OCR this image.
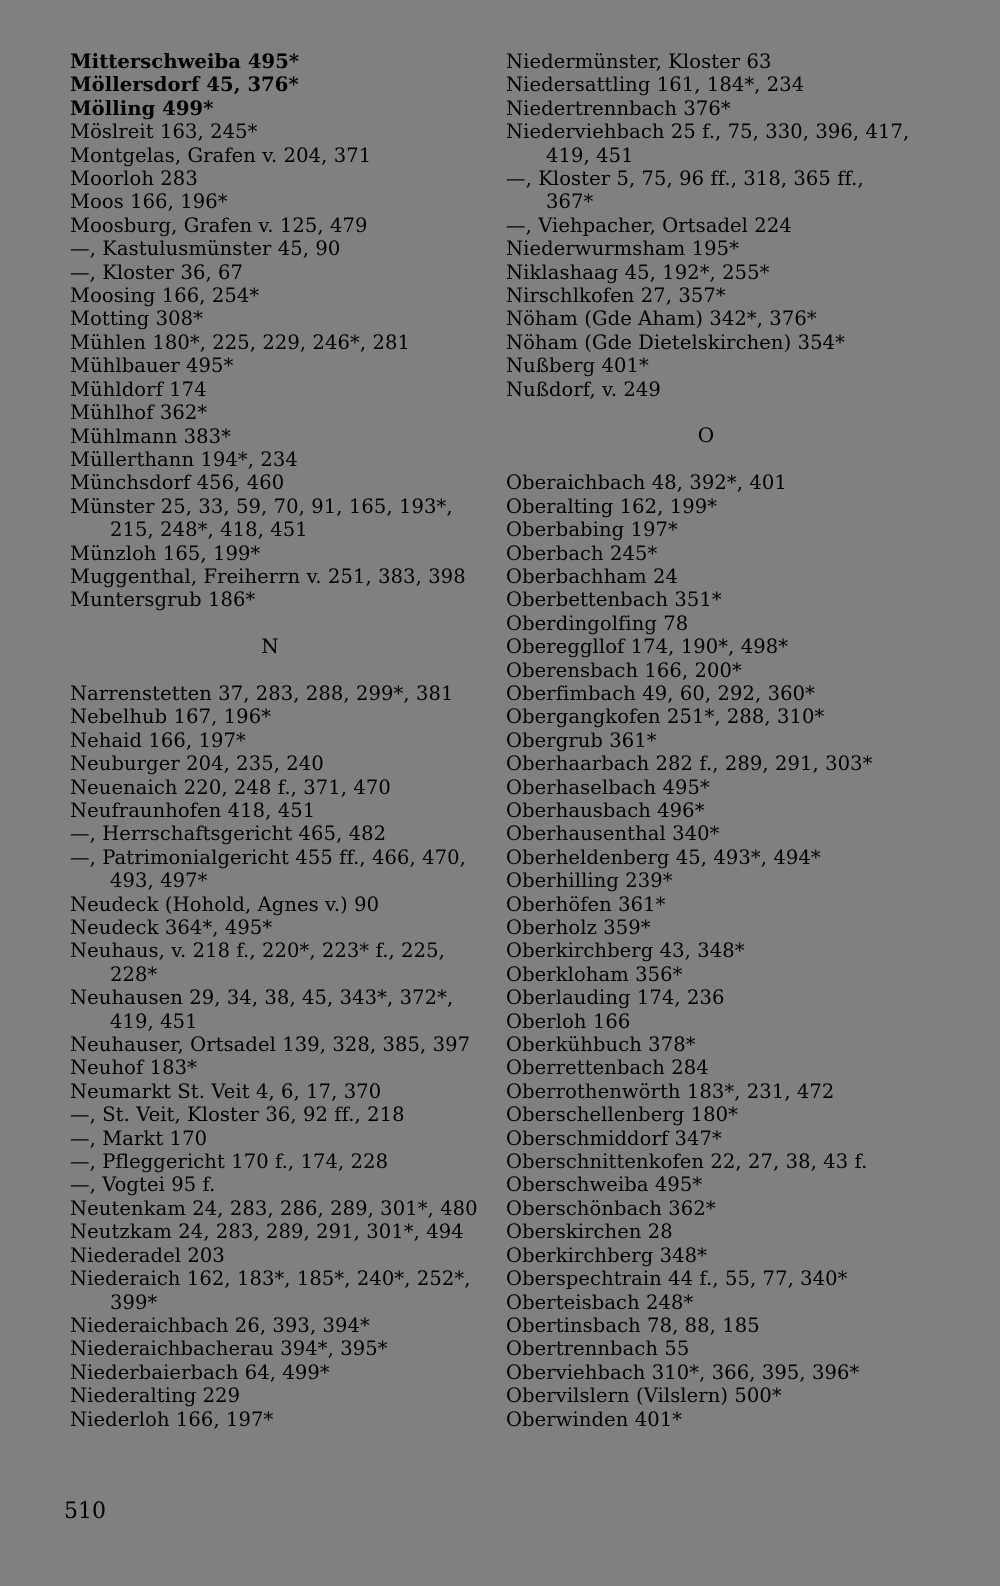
Mitterschweiba 495*
Möllersdorf 45, 376*
Mölling 499*
Möslreit 163, 245*
Montgelas, Grafen v. 204, 371
Moorloh 283
Moos 166, 196*
Moosburg, Grafen v. 125, 479
—, Kastulusmünster 45, 90
—, Kloster 36, 67
Moosing 166, 254*
Motting 308*
Mühlen 180*, 225, 229, 246*, 281
Mühlbauer 495*
Mühldorf 174
Mühlhof 362*
Mühlmann 383*
Müllerthann 194*, 234
Münchsdorf 456, 460
Münster 25, 33, 59, 70, 91, 165, 193*,
215, 248*, 418, 451
Münzloh 165, 199*
Muggenthal, Freiherrn v. 251, 383, 398
Muntersgrub 186*
N
Narrenstetten 37, 283, 288, 299*, 381
Nebelhub 167, 196*
Nehaid 166, 197*
Neuburger 204, 235, 240
Neuenaich 220, 248 f., 371, 470
Neufraunhofen 418, 451
—, Herrschaftsgericht 465, 482
—, Patrimonialgericht 455 ff., 466, 470,
493, 497*
Neudeck (Hohold, Agnes v.) 90
Neudeck 364*, 495*
Neuhaus, v. 218 f., 220*, 223* f., 225,
228*
Neuhausen 29, 34, 38, 45, 343*, 372*,
419, 451
Neuhauser, Ortsadel 139, 328, 385, 397
Neuhof 183*
Neumarkt St. Veit 4, 6, 17, 370
—, St. Veit, Kloster 36, 92 ff., 218
—, Markt 170
—, Pfleggericht 170 f., 174, 228
—, Vogtei 95 f.
Neutenkam 24, 283, 286, 289, 301*, 480
Neutzkam 24, 283, 289, 291, 301*, 494
Niederadel 203
Niederaich 162, 183*, 185*, 240*, 252*,
399*
Niederaichbach 26, 393, 394*
Niederaichbacherau 394*, 395*
Niederbaierbach 64, 499*
Niederalting 229
Niederloh 166, 197*
Niedermünster, Kloster 63
Niedersattling 161, 184*, 234
Niedertrennbach 376*
Niederviehbach 25 f., 75, 330, 396, 417,
419, 451
—, Kloster 5, 75, 96 ff., 318, 365 ff.,
367*
—, Viehpacher, Ortsadel 224
Niederwurmsham 195*
Niklashaag 45, 192*, 255*
Nirschlkofen 27, 357*
Nöham (Gde Aham) 342*, 376*
Nöham (Gde Dietelskirchen) 354*
Nußberg 401*
Nußdorf, v. 249
O
Oberaichbach 48, 392*, 401
Oberalting 162, 199*
Oberbabing 197*
Oberbach 245*
Oberbachham 24
Oberbettenbach 351*
Oberdingolfing 78
Obereggllof 174, 190*, 498*
Oberensbach 166, 200*
Oberfimbach 49, 60, 292, 360*
Obergangkofen 251*, 288, 310*
Obergrub 361*
Oberhaarbach 282 f., 289, 291, 303*
Oberhaselbach 495*
Oberhausbach 496*
Oberhausenthal 340*
Oberheldenberg 45, 493*, 494*
Oberhilling 239*
Oberhöfen 361*
Oberholz 359*
Oberkirchberg 43, 348*
Oberkloham 356*
Oberlauding 174, 236
Oberloh 166
Oberkühbuch 378*
Oberrettenbach 284
Oberrothenwörth 183*, 231, 472
Oberschellenberg 180*
Oberschmiddorf 347*
Oberschnittenkofen 22, 27, 38, 43 f.
Oberschweiba 495*
Oberschönbach 362*
Oberskirchen 28
Oberkirchberg 348*
Oberspechtrain 44 f., 55, 77, 340*
Oberteisbach 248*
Obertinsbach 78, 88, 185
Obertrennbach 55
Oberviehbach 310*, 366, 395, 396*
Obervilslern (Vilslern) 500*
Oberwinden 401*
510
